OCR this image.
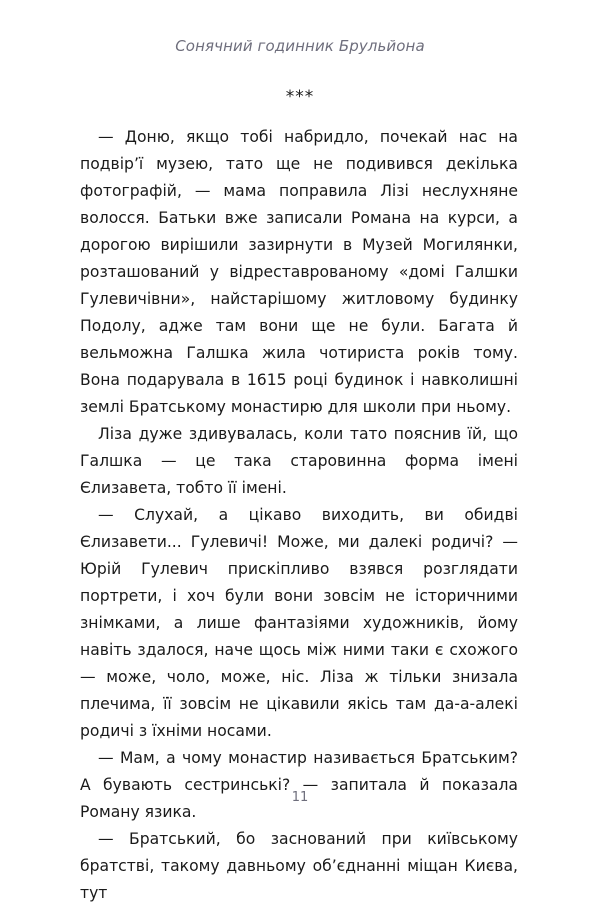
Сонячний годинник Брульйона
***

— Доню, якщо тобі набридло, почекай нас на подвір’ї музею, тато ще не подивився декілька фотографій, — мама поправила Лізі неслухняне волосся. Батьки вже записали Романа на курси, а дорогою вирішили зазирнути в Музей Могилянки, розташований у відреставрованому «домі Галшки Гулевичівни», найстарішому житловому будинку Подолу, адже там вони ще не були. Багата й вельможна Галшка жила чотириста років тому. Вона подарувала в 1615 році будинок і навколишні землі Братському монастирю для школи при ньому.

Ліза дуже здивувалась, коли тато пояснив їй, що Галшка — це така старовинна форма імені Єлизавета, тобто її імені.

— Слухай, а цікаво виходить, ви обидві Єлизавети... Гулевичі! Може, ми далекі родичі? — Юрій Гулевич прискіпливо взявся розглядати портрети, і хоч були вони зовсім не історичними знімками, а лише фантазіями художників, йому навіть здалося, наче щось між ними таки є схожого — може, чоло, може, ніс. Ліза ж тільки знизала плечима, її зовсім не цікавили якісь там да-а-алекі родичі з їхніми носами.

— Мам, а чому монастир називається Братським? А бувають сестринські? — запитала й показала Роману язика.

— Братський, бо заснований при київському братстві, такому давньому об’єднанні міщан Києва, тут

11
